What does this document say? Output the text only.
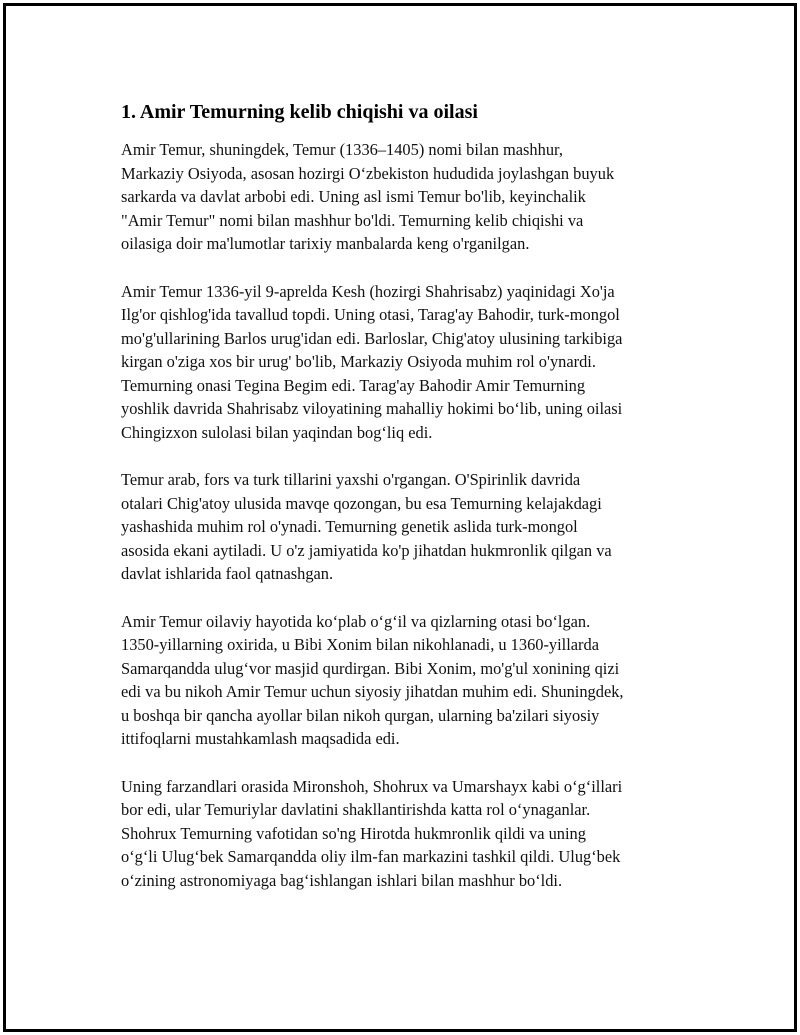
1. Amir Temurning kelib chiqishi va oilasi

Amir Temur, shuningdek, Temur (1336–1405) nomi bilan mashhur,
Markaziy Osiyoda, asosan hozirgi Oʻzbekiston hududida joylashgan buyuk
sarkarda va davlat arbobi edi. Uning asl ismi Temur bo'lib, keyinchalik
"Amir Temur" nomi bilan mashhur bo'ldi. Temurning kelib chiqishi va
oilasiga doir ma'lumotlar tarixiy manbalarda keng o'rganilgan.

Amir Temur 1336-yil 9-aprelda Kesh (hozirgi Shahrisabz) yaqinidagi Xo'ja
Ilg'or qishlog'ida tavallud topdi. Uning otasi, Tarag'ay Bahodir, turk-mongol
mo'g'ullarining Barlos urug'idan edi. Barloslar, Chig'atoy ulusining tarkibiga
kirgan o'ziga xos bir urug' bo'lib, Markaziy Osiyoda muhim rol o'ynardi.
Temurning onasi Tegina Begim edi. Tarag'ay Bahodir Amir Temurning
yoshlik davrida Shahrisabz viloyatining mahalliy hokimi boʻlib, uning oilasi
Chingizxon sulolasi bilan yaqindan bogʻliq edi.

Temur arab, fors va turk tillarini yaxshi o'rgangan. O'Spirinlik davrida
otalari Chig'atoy ulusida mavqe qozongan, bu esa Temurning kelajakdagi
yashashida muhim rol o'ynadi. Temurning genetik aslida turk-mongol
asosida ekani aytiladi. U o'z jamiyatida ko'p jihatdan hukmronlik qilgan va
davlat ishlarida faol qatnashgan.

Amir Temur oilaviy hayotida koʻplab oʻgʻil va qizlarning otasi boʻlgan.
1350-yillarning oxirida, u Bibi Xonim bilan nikohlanadi, u 1360-yillarda
Samarqandda ulugʻvor masjid qurdirgan. Bibi Xonim, mo'g'ul xonining qizi
edi va bu nikoh Amir Temur uchun siyosiy jihatdan muhim edi. Shuningdek,
u boshqa bir qancha ayollar bilan nikoh qurgan, ularning ba'zilari siyosiy
ittifoqlarni mustahkamlash maqsadida edi.

Uning farzandlari orasida Mironshoh, Shohrux va Umarshayx kabi oʻgʻillari
bor edi, ular Temuriylar davlatini shakllantirishda katta rol oʻynaganlar.
Shohrux Temurning vafotidan so'ng Hirotda hukmronlik qildi va uning
oʻgʻli Ulugʻbek Samarqandda oliy ilm-fan markazini tashkil qildi. Ulugʻbek
oʻzining astronomiyaga bagʻishlangan ishlari bilan mashhur boʻldi.
